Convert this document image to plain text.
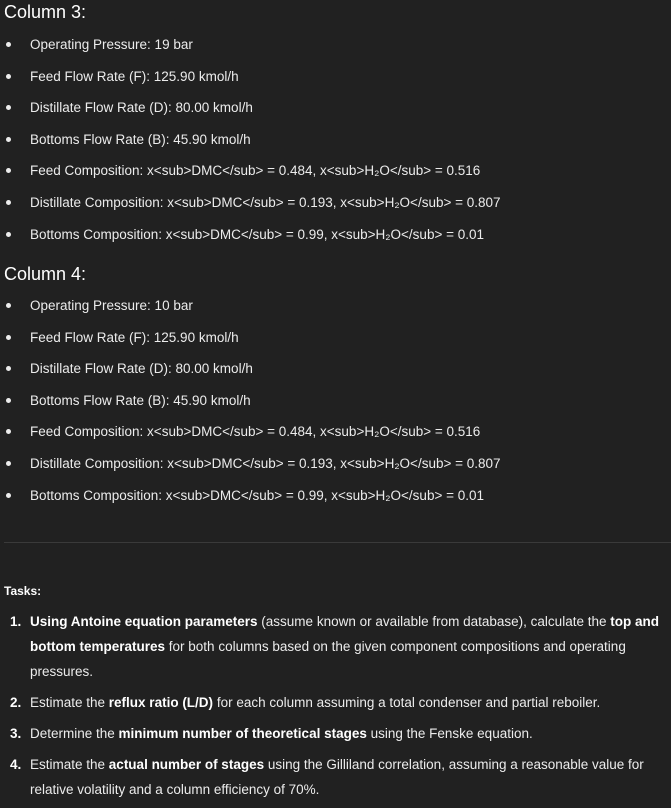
Column 3:
Operating Pressure: 19 bar
Feed Flow Rate (F): 125.90 kmol/h
Distillate Flow Rate (D): 80.00 kmol/h
Bottoms Flow Rate (B): 45.90 kmol/h
Feed Composition: x<sub>DMC</sub> = 0.484, x<sub>H₂O</sub> = 0.516
Distillate Composition: x<sub>DMC</sub> = 0.193, x<sub>H₂O</sub> = 0.807
Bottoms Composition: x<sub>DMC</sub> = 0.99, x<sub>H₂O</sub> = 0.01
Column 4:
Operating Pressure: 10 bar
Feed Flow Rate (F): 125.90 kmol/h
Distillate Flow Rate (D): 80.00 kmol/h
Bottoms Flow Rate (B): 45.90 kmol/h
Feed Composition: x<sub>DMC</sub> = 0.484, x<sub>H₂O</sub> = 0.516
Distillate Composition: x<sub>DMC</sub> = 0.193, x<sub>H₂O</sub> = 0.807
Bottoms Composition: x<sub>DMC</sub> = 0.99, x<sub>H₂O</sub> = 0.01
Tasks:
1. Using Antoine equation parameters (assume known or available from database), calculate the top and bottom temperatures for both columns based on the given component compositions and operating pressures.
2. Estimate the reflux ratio (L/D) for each column assuming a total condenser and partial reboiler.
3. Determine the minimum number of theoretical stages using the Fenske equation.
4. Estimate the actual number of stages using the Gilliland correlation, assuming a reasonable value for relative volatility and a column efficiency of 70%.
